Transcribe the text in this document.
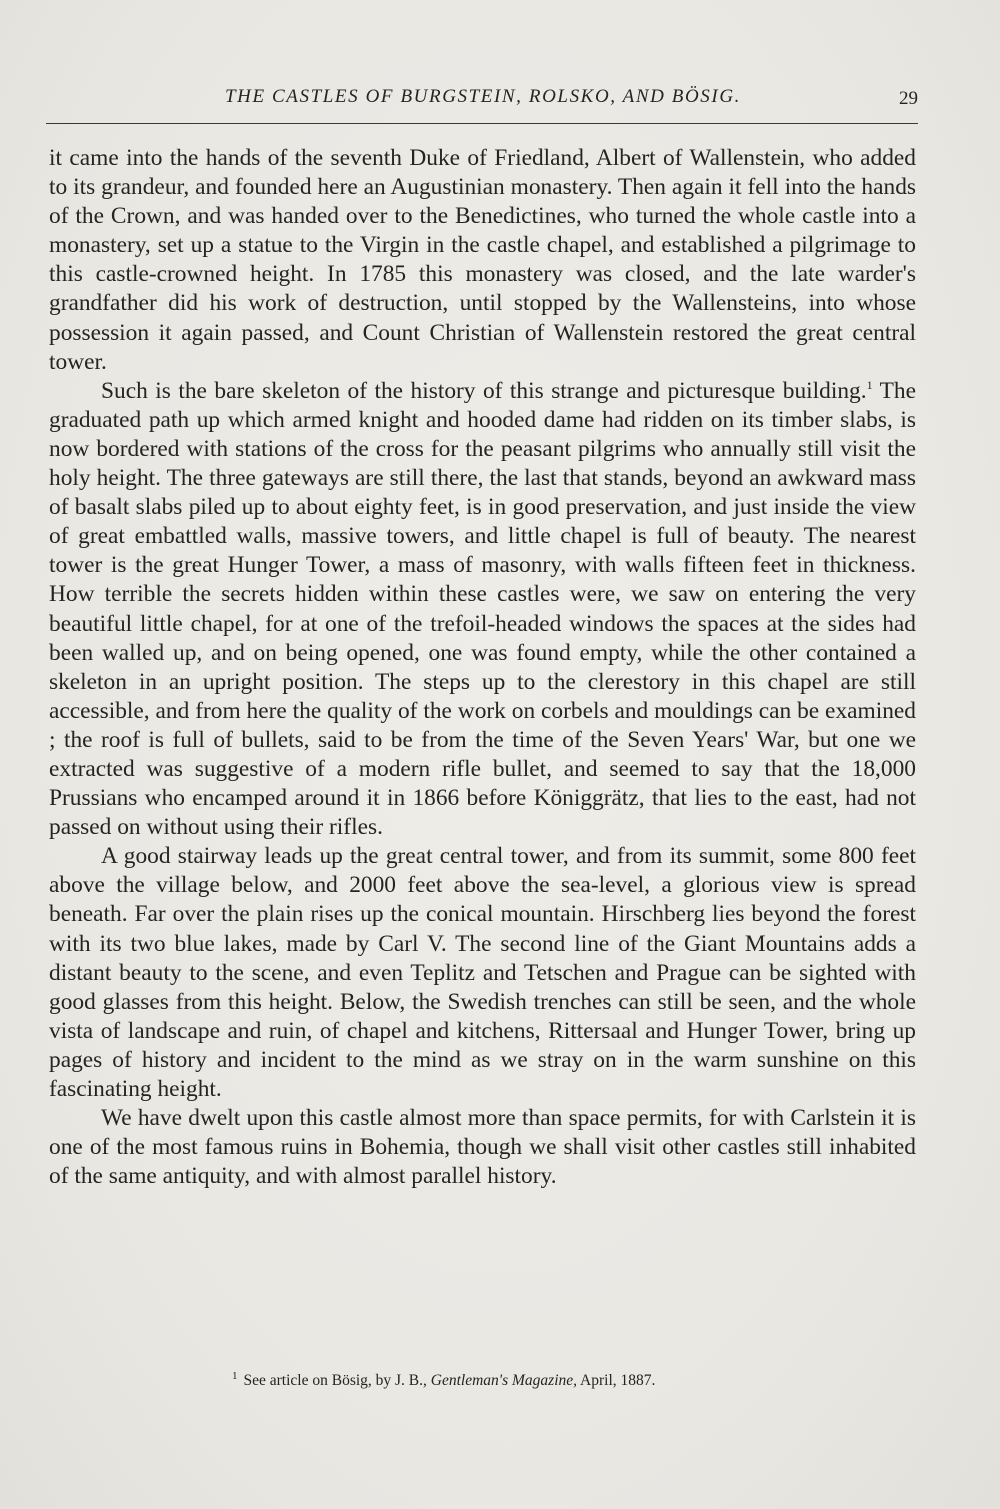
THE CASTLES OF BURGSTEIN, ROLSKO, AND BÖSIG.	29

it came into the hands of the seventh Duke of Friedland, Albert of Wallenstein, who added to its grandeur, and founded here an Augustinian monastery. Then again it fell into the hands of the Crown, and was handed over to the Benedictines, who turned the whole castle into a monastery, set up a statue to the Virgin in the castle chapel, and established a pilgrimage to this castle-crowned height. In 1785 this monastery was closed, and the late warder's grandfather did his work of destruction, until stopped by the Wallensteins, into whose possession it again passed, and Count Christian of Wallenstein restored the great central tower.

Such is the bare skeleton of the history of this strange and picturesque building.$^1$ The graduated path up which armed knight and hooded dame had ridden on its timber slabs, is now bordered with stations of the cross for the peasant pilgrims who annually still visit the holy height. The three gateways are still there, the last that stands, beyond an awkward mass of basalt slabs piled up to about eighty feet, is in good preservation, and just inside the view of great embattled walls, massive towers, and little chapel is full of beauty. The nearest tower is the great Hunger Tower, a mass of masonry, with walls fifteen feet in thickness. How terrible the secrets hidden within these castles were, we saw on entering the very beautiful little chapel, for at one of the trefoil-headed windows the spaces at the sides had been walled up, and on being opened, one was found empty, while the other contained a skeleton in an upright position. The steps up to the clerestory in this chapel are still accessible, and from here the quality of the work on corbels and mouldings can be examined ; the roof is full of bullets, said to be from the time of the Seven Years' War, but one we extracted was suggestive of a modern rifle bullet, and seemed to say that the 18,000 Prussians who encamped around it in 1866 before Königgrätz, that lies to the east, had not passed on without using their rifles.

A good stairway leads up the great central tower, and from its summit, some 800 feet above the village below, and 2000 feet above the sea-level, a glorious view is spread beneath. Far over the plain rises up the conical mountain. Hirschberg lies beyond the forest with its two blue lakes, made by Carl V. The second line of the Giant Mountains adds a distant beauty to the scene, and even Teplitz and Tetschen and Prague can be sighted with good glasses from this height. Below, the Swedish trenches can still be seen, and the whole vista of landscape and ruin, of chapel and kitchens, Rittersaal and Hunger Tower, bring up pages of history and incident to the mind as we stray on in the warm sunshine on this fascinating height.

We have dwelt upon this castle almost more than space permits, for with Carlstein it is one of the most famous ruins in Bohemia, though we shall visit other castles still inhabited of the same antiquity, and with almost parallel history.

$^1$ See article on Bösig, by J. B., Gentleman's Magazine, April, 1887.
